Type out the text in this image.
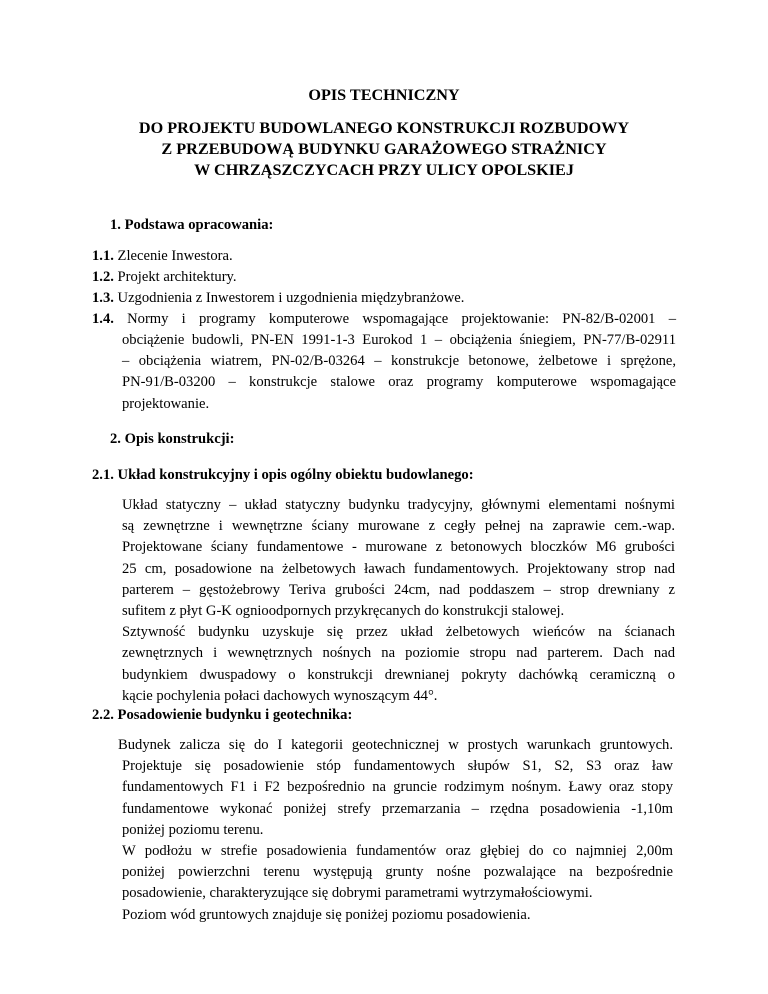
OPIS TECHNICZNY
DO PROJEKTU BUDOWLANEGO KONSTRUKCJI ROZBUDOWY
Z PRZEBUDOWĄ BUDYNKU GARAŻOWEGO STRAŻNICY
W CHRZĄSZCZYCACH PRZY ULICY OPOLSKIEJ
1. Podstawa opracowania:
1.1. Zlecenie Inwestora.
1.2. Projekt architektury.
1.3. Uzgodnienia z Inwestorem i uzgodnienia międzybranżowe.
1.4. Normy i programy komputerowe wspomagające projektowanie: PN-82/B-02001 –
obciążenie budowli, PN-EN 1991-1-3 Eurokod 1 – obciążenia śniegiem, PN-77/B-02911
– obciążenia wiatrem, PN-02/B-03264 – konstrukcje betonowe, żelbetowe i sprężone,
PN-91/B-03200 – konstrukcje stalowe oraz programy komputerowe wspomagające
projektowanie.
2. Opis konstrukcji:
2.1. Układ konstrukcyjny i opis ogólny obiektu budowlanego:
Układ statyczny – układ statyczny budynku tradycyjny, głównymi elementami nośnymi
są zewnętrzne i wewnętrzne ściany murowane z cegły pełnej na zaprawie cem.-wap.
Projektowane ściany fundamentowe - murowane z betonowych bloczków M6 grubości
25 cm, posadowione na żelbetowych ławach fundamentowych. Projektowany strop nad
parterem – gęstożebrowy Teriva grubości 24cm, nad poddaszem – strop drewniany z
sufitem z płyt G-K ognioodpornych przykręcanych do konstrukcji stalowej.
Sztywność budynku uzyskuje się przez układ żelbetowych wieńców na ścianach
zewnętrznych i wewnętrznych nośnych na poziomie stropu nad parterem. Dach nad
budynkiem dwuspadowy o konstrukcji drewnianej pokryty dachówką ceramiczną o
kącie pochylenia połaci dachowych wynoszącym 44°.
2.2. Posadowienie budynku i geotechnika:
Budynek zalicza się do I kategorii geotechnicznej w prostych warunkach gruntowych.
Projektuje się posadowienie stóp fundamentowych słupów S1, S2, S3 oraz ław
fundamentowych F1 i F2 bezpośrednio na gruncie rodzimym nośnym. Ławy oraz stopy
fundamentowe wykonać poniżej strefy przemarzania – rzędna posadowienia -1,10m
poniżej poziomu terenu.
W podłożu w strefie posadowienia fundamentów oraz głębiej do co najmniej 2,00m
poniżej powierzchni terenu występują grunty nośne pozwalające na bezpośrednie
posadowienie, charakteryzujące się dobrymi parametrami wytrzymałościowymi.
Poziom wód gruntowych znajduje się poniżej poziomu posadowienia.
